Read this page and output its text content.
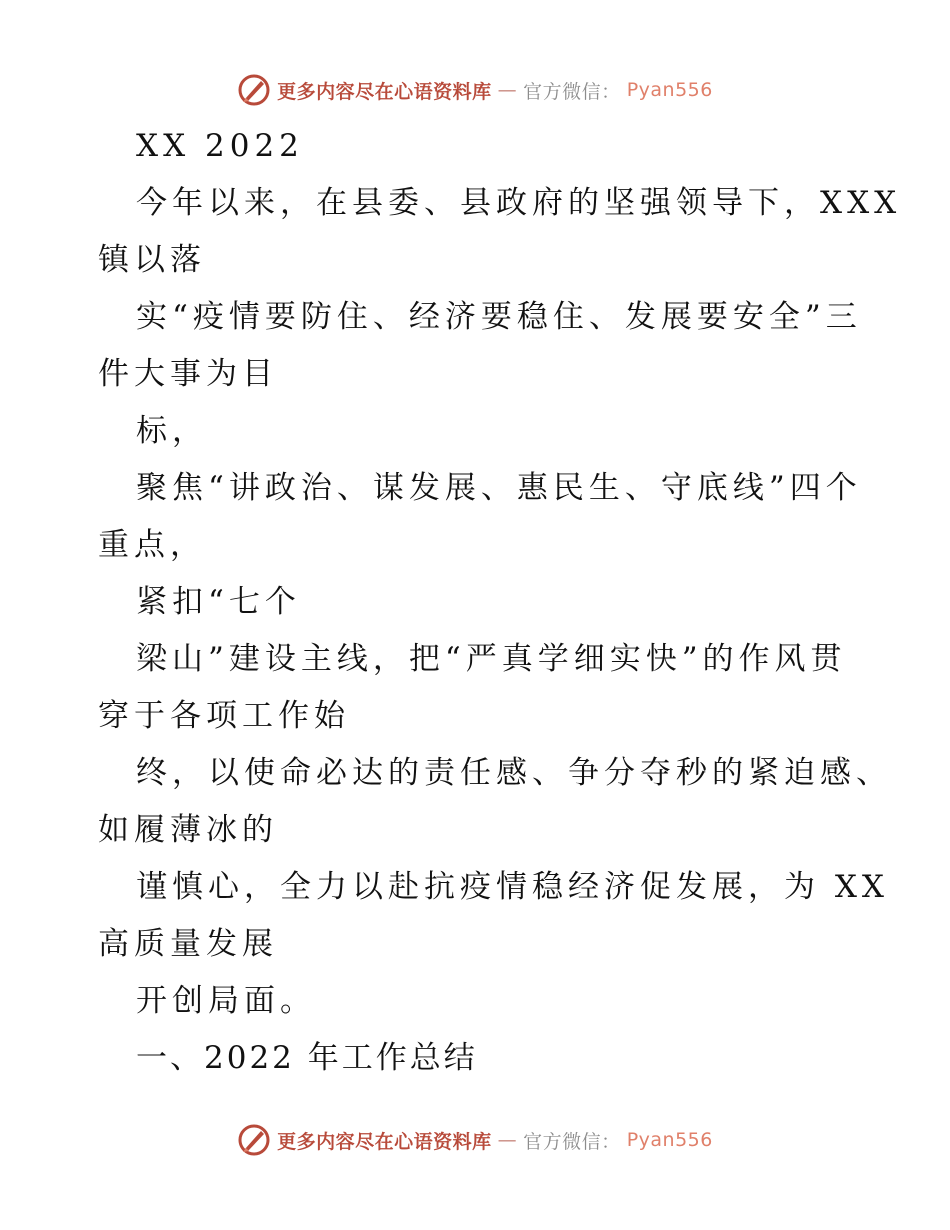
更多内容尽在心语资料库 — 官方微信： Pyan556

XX 2022

今年以来，在县委、县政府的坚强领导下，XXX

镇以落

实“疫情要防住、经济要稳住、发展要安全”三

件大事为目

标，

聚焦“讲政治、谋发展、惠民生、守底线”四个

重点，

紧扣“七个

梁山”建设主线，把“严真学细实快”的作风贯

穿于各项工作始

终，以使命必达的责任感、争分夺秒的紧迫感、

如履薄冰的

谨慎心，全力以赴抗疫情稳经济促发展，为 XX

高质量发展

开创局面。

一、2022 年工作总结

更多内容尽在心语资料库 — 官方微信： Pyan556
